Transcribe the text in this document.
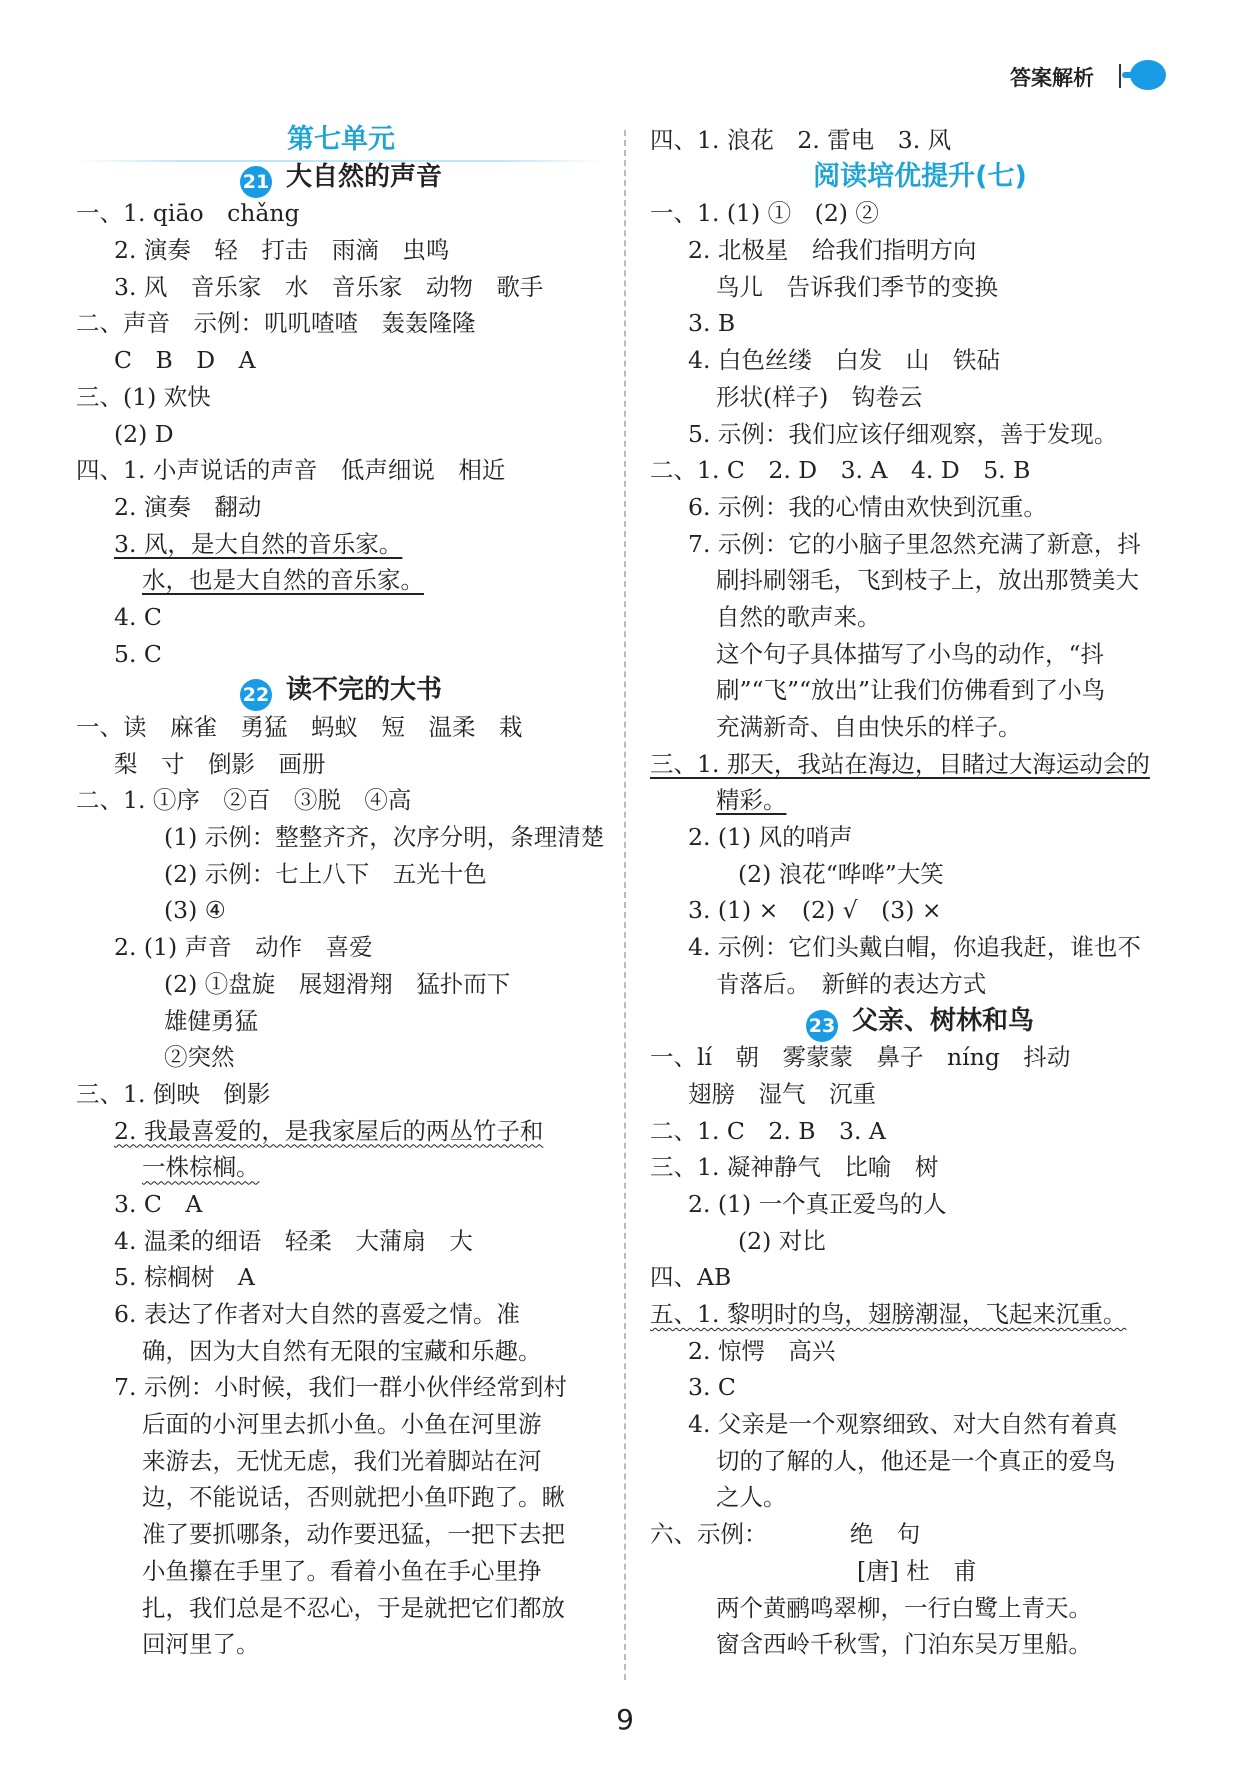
答案解析
第七单元
21 大自然的声音
一、1. qiāo　chǎng
2. 演奏　轻　打击　雨滴　虫鸣
3. 风　音乐家　水　音乐家　动物　歌手
二、声音　示例：叽叽喳喳　轰轰隆隆
C　B　D　A
三、(1) 欢快
(2) D
四、1. 小声说话的声音　低声细说　相近
2. 演奏　翻动
3. 风，是大自然的音乐家。
水，也是大自然的音乐家。
4. C
5. C
22 读不完的大书
一、读　麻雀　勇猛　蚂蚁　短　温柔　栽
梨　寸　倒影　画册
二、1. ①序　②百　③脱　④高
(1) 示例：整整齐齐，次序分明，条理清楚
(2) 示例：七上八下　五光十色
(3) ④
2. (1) 声音　动作　喜爱
(2) ①盘旋　展翅滑翔　猛扑而下
雄健勇猛
②突然
三、1. 倒映　倒影
2. 我最喜爱的，是我家屋后的两丛竹子和
一株棕榈。
3. C　A
4. 温柔的细语　轻柔　大蒲扇　大
5. 棕榈树　A
6. 表达了作者对大自然的喜爱之情。准
确，因为大自然有无限的宝藏和乐趣。
7. 示例：小时候，我们一群小伙伴经常到村
后面的小河里去抓小鱼。小鱼在河里游
来游去，无忧无虑，我们光着脚站在河
边，不能说话，否则就把小鱼吓跑了。瞅
准了要抓哪条，动作要迅猛，一把下去把
小鱼攥在手里了。看着小鱼在手心里挣
扎，我们总是不忍心，于是就把它们都放
回河里了。
四、1. 浪花　2. 雷电　3. 风
阅读培优提升(七)
一、1. (1) ①　(2) ②
2. 北极星　给我们指明方向
鸟儿　告诉我们季节的变换
3. B
4. 白色丝缕　白发　山　铁砧
形状(样子)　钩卷云
5. 示例：我们应该仔细观察，善于发现。
二、1. C　2. D　3. A　4. D　5. B
6. 示例：我的心情由欢快到沉重。
7. 示例：它的小脑子里忽然充满了新意，抖
刷抖刷翎毛，飞到枝子上，放出那赞美大
自然的歌声来。
这个句子具体描写了小鸟的动作，“抖
刷”“飞”“放出”让我们仿佛看到了小鸟
充满新奇、自由快乐的样子。
三、1. 那天，我站在海边，目睹过大海运动会的
精彩。
2. (1) 风的哨声
(2) 浪花“哗哗”大笑
3. (1) ×　(2) √　(3) ×
4. 示例：它们头戴白帽，你追我赶，谁也不
肯落后。　新鲜的表达方式
23 父亲、树林和鸟
一、lí　朝　雾蒙蒙　鼻子　níng　抖动
翅膀　湿气　沉重
二、1. C　2. B　3. A
三、1. 凝神静气　比喻　树
2. (1) 一个真正爱鸟的人
(2) 对比
四、AB
五、1. 黎明时的鸟，翅膀潮湿，飞起来沉重。
2. 惊愕　高兴
3. C
4. 父亲是一个观察细致、对大自然有着真
切的了解的人，他还是一个真正的爱鸟
之人。
六、示例：　　　　绝　句
　　　　　　[唐] 杜　甫
两个黄鹂鸣翠柳，一行白鹭上青天。
窗含西岭千秋雪，门泊东吴万里船。
9
